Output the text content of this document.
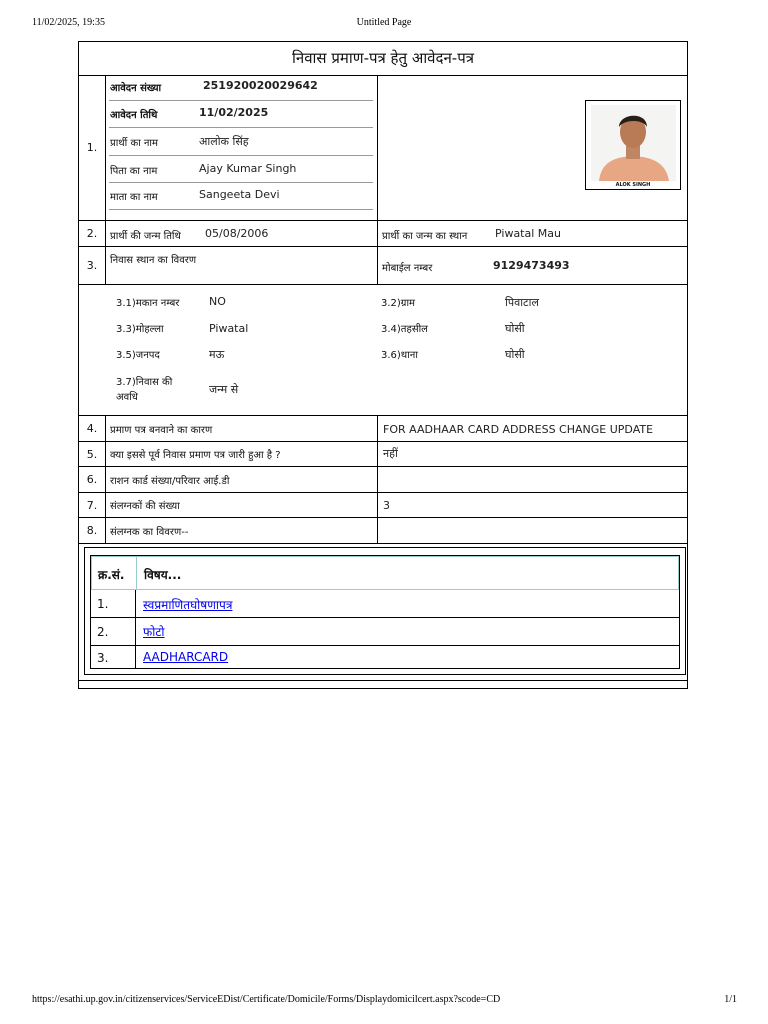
11/02/2025, 19:35	Untitled Page
निवास प्रमाण-पत्र हेतु आवेदन-पत्र
1.
आवेदन संख्या	251920020029642
आवेदन तिथि	11/02/2025
प्रार्थी का नाम	आलोक सिंह
पिता का नाम	Ajay Kumar Singh
माता का नाम	Sangeeta Devi
ALOK SINGH
2.	प्रार्थी की जन्म तिथि 05/08/2006	प्रार्थी का जन्म का स्थान	Piwatal Mau
3.	निवास स्थान का विवरण
मोबाईल नम्बर	9129473493
3.1)मकान नम्बर	NO	3.2)ग्राम	पिवाटाल
3.3)मोहल्ला	Piwatal	3.4)तहसील	घोसी
3.5)जनपद	मऊ	3.6)थाना	घोसी
3.7)निवास की
अवधि
जन्म से
4.	प्रमाण पत्र बनवाने का कारण	FOR AADHAAR CARD ADDRESS CHANGE UPDATE
5.	क्या इससे पूर्व निवास प्रमाण पत्र जारी हुआ है ?	नहीं
6.	राशन कार्ड संख्या/परिवार आई.डी
7.	संलग्नकों की संख्या	3
8.	संलग्नक का विवरण--
क्र.सं. विषय...
1.	स्वप्रमाणितघोषणापत्र
2.	फोटो
3.	AADHARCARD
https://esathi.up.gov.in/citizenservices/ServiceEDist/Certificate/Domicile/Forms/Displaydomicilcert.aspx?scode=CD	1/1
